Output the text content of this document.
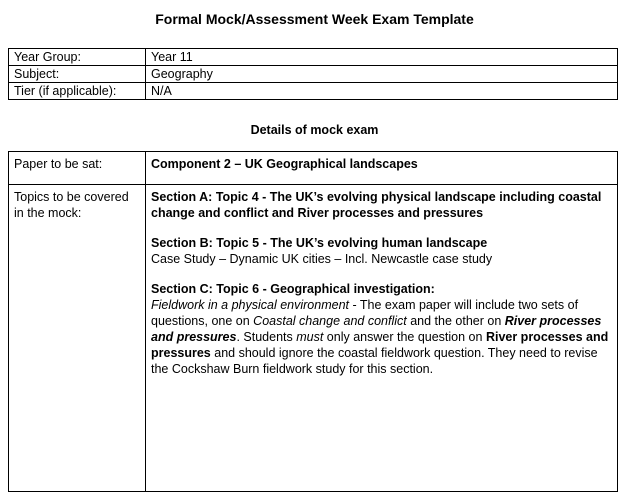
Formal Mock/Assessment Week Exam Template
Year Group:	Year 11
Subject:	Geography
Tier (if applicable):	N/A
Details of mock exam
Paper to be sat:	Component 2 – UK Geographical landscapes
Topics to be covered in the mock:	Section A: Topic 4 - The UK’s evolving physical landscape including coastal change and conflict and River processes and pressures

Section B: Topic 5 - The UK’s evolving human landscape

Case Study – Dynamic UK cities – Incl. Newcastle case study

Section C: Topic 6 - Geographical investigation:

Fieldwork in a physical environment - The exam paper will include two sets of questions, one on Coastal change and conflict and the other on River processes and pressures. Students must only answer the question on River processes and pressures and should ignore the coastal fieldwork question. They need to revise the Cockshaw Burn fieldwork study for this section.
